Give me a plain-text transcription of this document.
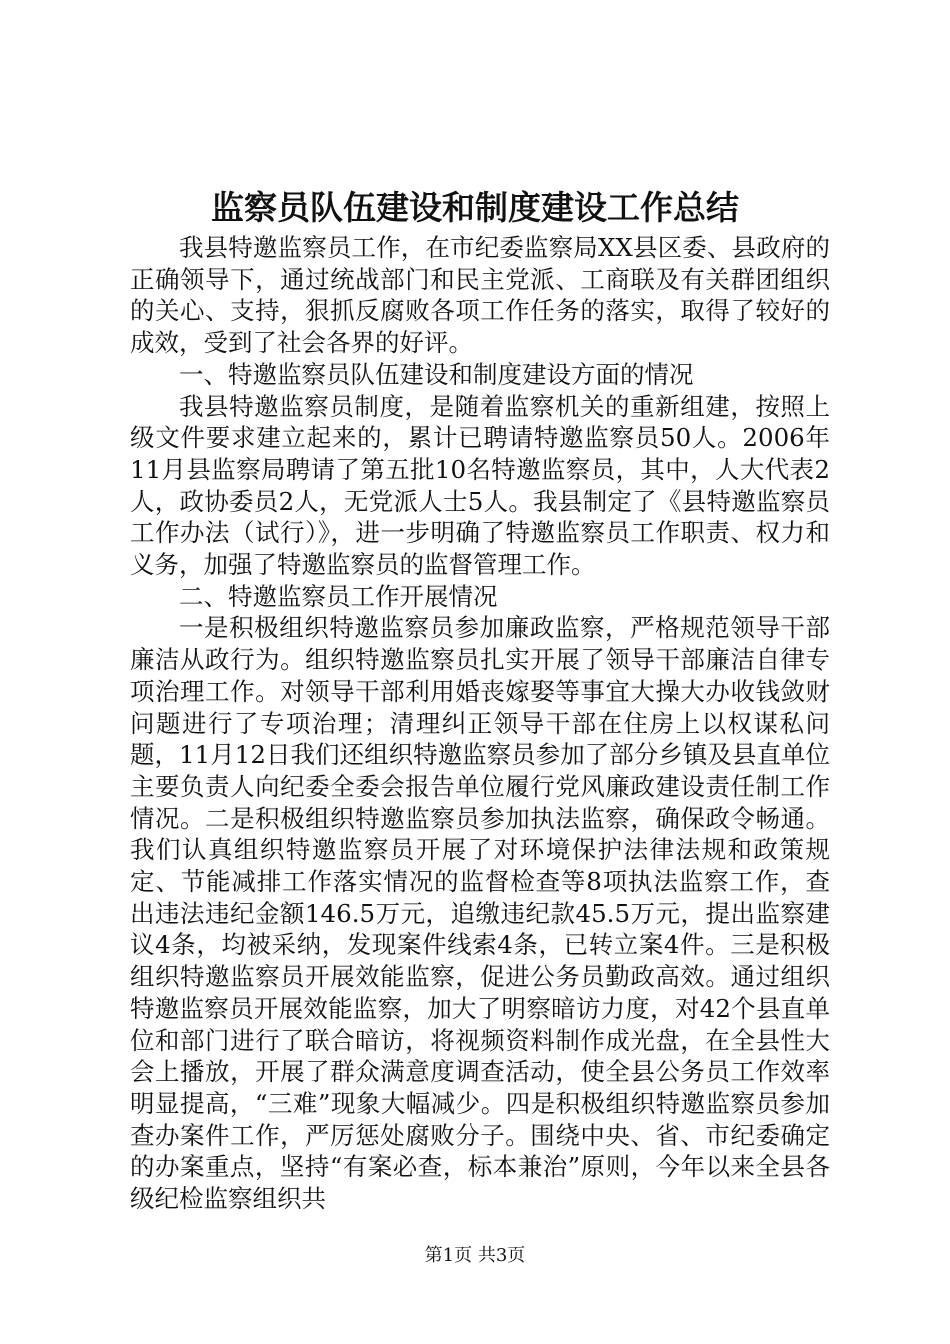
监察员队伍建设和制度建设工作总结

我县特邀监察员工作，在市纪委监察局XX县区委、县政府的正确领导下，通过统战部门和民主党派、工商联及有关群团组织的关心、支持，狠抓反腐败各项工作任务的落实，取得了较好的成效，受到了社会各界的好评。

一、特邀监察员队伍建设和制度建设方面的情况

我县特邀监察员制度，是随着监察机关的重新组建，按照上级文件要求建立起来的，累计已聘请特邀监察员50人。2006年11月县监察局聘请了第五批10名特邀监察员，其中，人大代表2人，政协委员2人，无党派人士5人。我县制定了《县特邀监察员工作办法（试行）》，进一步明确了特邀监察员工作职责、权力和义务，加强了特邀监察员的监督管理工作。

二、特邀监察员工作开展情况

一是积极组织特邀监察员参加廉政监察，严格规范领导干部廉洁从政行为。组织特邀监察员扎实开展了领导干部廉洁自律专项治理工作。对领导干部利用婚丧嫁娶等事宜大操大办收钱敛财问题进行了专项治理；清理纠正领导干部在住房上以权谋私问题，11月12日我们还组织特邀监察员参加了部分乡镇及县直单位主要负责人向纪委全委会报告单位履行党风廉政建设责任制工作情况。二是积极组织特邀监察员参加执法监察，确保政令畅通。我们认真组织特邀监察员开展了对环境保护法律法规和政策规定、节能减排工作落实情况的监督检查等8项执法监察工作，查出违法违纪金额146.5万元，追缴违纪款45.5万元，提出监察建议4条，均被采纳，发现案件线索4条，已转立案4件。三是积极组织特邀监察员开展效能监察，促进公务员勤政高效。通过组织特邀监察员开展效能监察，加大了明察暗访力度，对42个县直单位和部门进行了联合暗访，将视频资料制作成光盘，在全县性大会上播放，开展了群众满意度调查活动，使全县公务员工作效率明显提高，“三难”现象大幅减少。四是积极组织特邀监察员参加查办案件工作，严厉惩处腐败分子。围绕中央、省、市纪委确定的办案重点，坚持“有案必查，标本兼治”原则，今年以来全县各级纪检监察组织共

第1页 共3页
